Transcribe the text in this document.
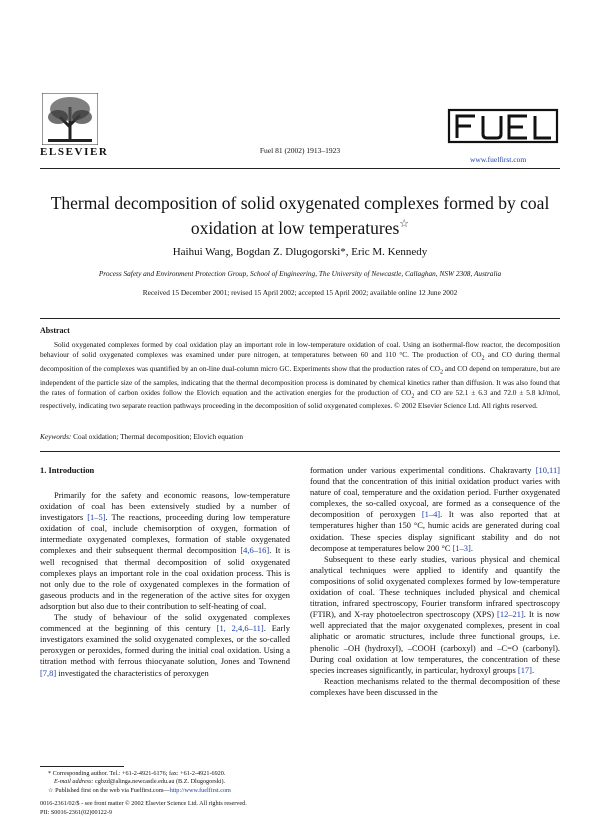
ELSEVIER	Fuel 81 (2002) 1913–1923
www.fuelfirst.com
Thermal decomposition of solid oxygenated complexes formed by coal
oxidation at low temperatures☆
Haihui Wang, Bogdan Z. Dlugogorski*, Eric M. Kennedy
Process Safety and Environment Protection Group, School of Engineering, The University of Newcastle, Callaghan, NSW 2308, Australia
Received 15 December 2001; revised 15 April 2002; accepted 15 April 2002; available online 12 June 2002
Abstract
Solid oxygenated complexes formed by coal oxidation play an important role in low-temperature oxidation of coal. Using an isothermal-flow reactor, the decomposition behaviour of solid oxygenated complexes was examined under pure nitrogen, at temperatures between 60 and 110 °C. The production of $CO_2$ and CO during thermal decomposition of the complexes was quantified by an on-line dual-column micro GC. Experiments show that the production rates of $CO_2$ and CO depend on temperature, but are independent of the particle size of the samples, indicating that the thermal decomposition process is dominated by chemical kinetics rather than diffusion. It was also found that the rates of formation of carbon oxides follow the Elovich equation and the activation energies for the production of $CO_2$ and CO are 52.1 ± 6.3 and 72.0 ± 5.8 kJ/mol, respectively, indicating two separate reaction pathways proceeding in the decomposition of solid oxygenated complexes. © 2002 Elsevier Science Ltd. All rights reserved.
Keywords: Coal oxidation; Thermal decomposition; Elovich equation
1. Introduction

Primarily for the safety and economic reasons, low-temperature oxidation of coal has been extensively studied by a number of investigators [1–5]. The reactions, proceeding during low temperature oxidation of coal, include chemisorption of oxygen, formation of intermediate oxygenated complexes, formation of stable oxygenated complexes and their subsequent thermal decomposition [4,6–16]. It is well recognised that thermal decomposition of solid oxygenated complexes plays an important role in the coal oxidation process. This is not only due to the role of oxygenated complexes in the formation of gaseous products and in the regeneration of the active sites for oxygen adsorption but also due to their contribution to self-heating of coal.

The study of behaviour of the solid oxygenated complexes commenced at the beginning of this century [1, 2,4,6–11]. Early investigators examined the solid oxygenated complexes, or the so-called peroxygen or peroxides, formed during the initial coal oxidation. Using a titration method with ferrous thiocyanate solution, Jones and Townend [7,8] investigated the characteristics of peroxygen

formation under various experimental conditions. Chakravarty [10,11] found that the concentration of this initial oxidation product varies with nature of coal, temperature and the oxidation period. Further oxygenated complexes, the so-called oxycoal, are formed as a consequence of the decomposition of peroxygen [1–4]. It was also reported that at temperatures higher than 150 °C, humic acids are generated during coal oxidation. These species display significant stability and do not decompose at temperatures below 200 °C [1–3].

Subsequent to these early studies, various physical and chemical analytical techniques were applied to identify and quantify the compositions of solid oxygenated complexes formed by low-temperature oxidation of coal. These techniques included physical and chemical titration, infrared spectroscopy, Fourier transform infrared spectroscopy (FTIR), and X-ray photoelectron spectroscopy (XPS) [12–21]. It is now well appreciated that the major oxygenated complexes, present in coal aliphatic or aromatic structures, include three functional groups, i.e. phenolic –OH (hydroxyl), –COOH (carboxyl) and –C=O (carbonyl). During coal oxidation at low temperatures, the concentration of these species increases significantly, in particular, hydroxyl groups [17].

Reaction mechanisms related to the thermal decomposition of these complexes have been discussed in the

* Corresponding author. Tel.: +61-2-4921-6176; fax: +61-2-4921-6920.
E-mail address: cgbzd@alinga.newcastle.edu.au (B.Z. Dlugogorski).
☆ Published first on the web via Fuelfirst.com—http://www.fuelfirst.com
0016-2361/02/$ - see front matter © 2002 Elsevier Science Ltd. All rights reserved.
PII: S0016-2361(02)00122-9
